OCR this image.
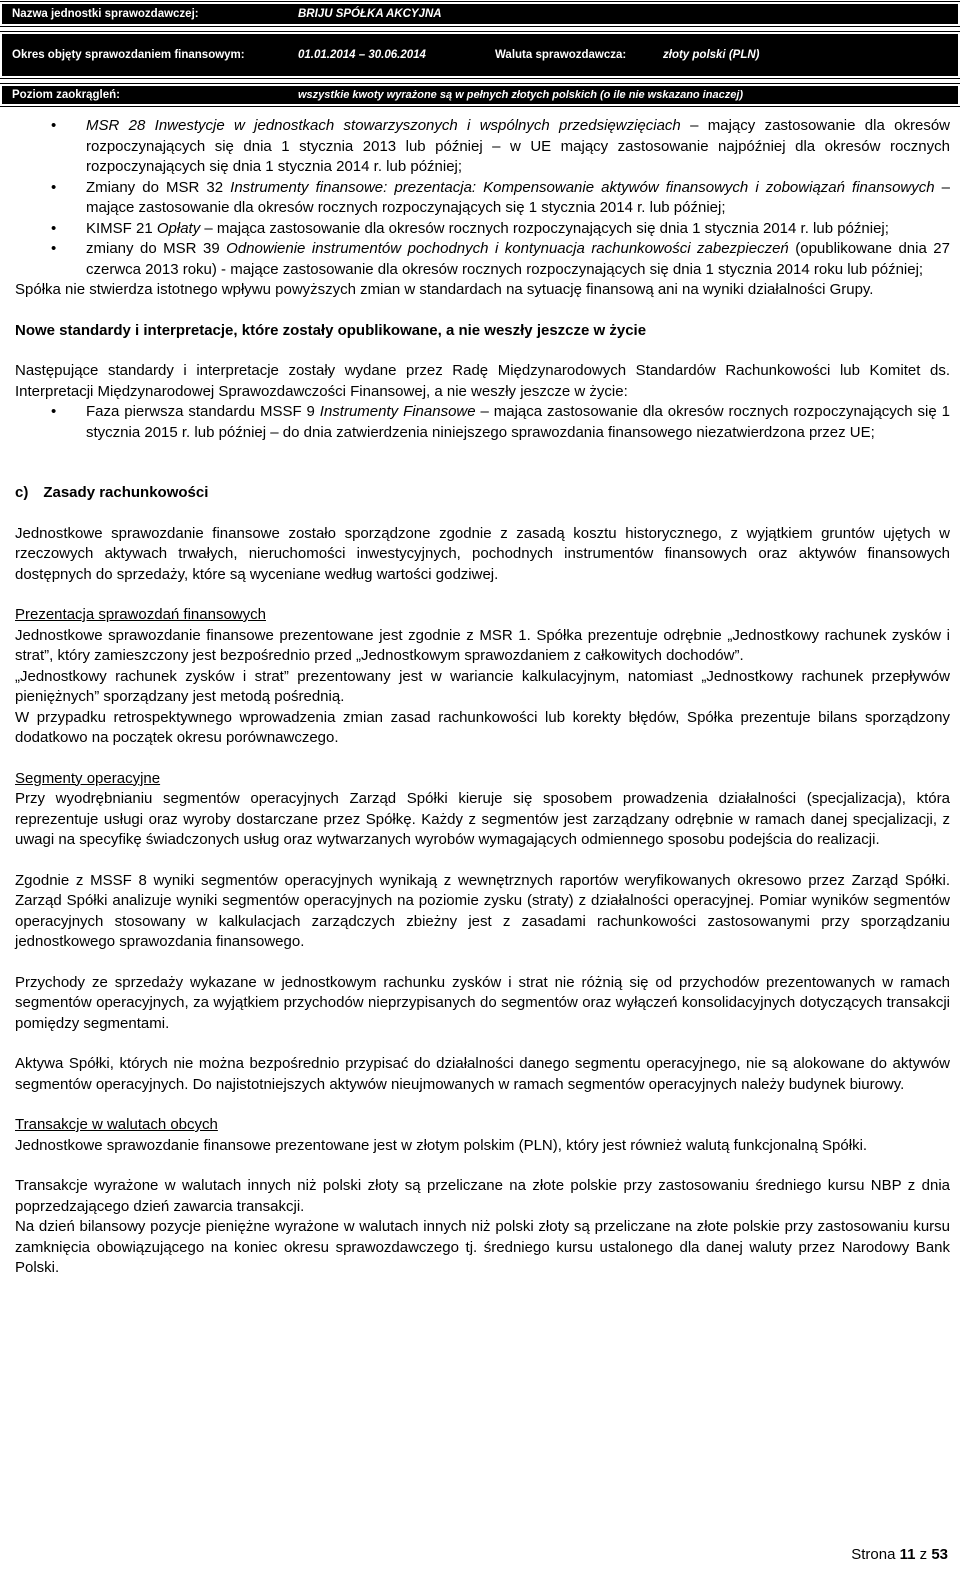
Nazwa jednostki sprawozdawczej:	BRIJU SPÓŁKA AKCYJNA
Okres objęty sprawozdaniem finansowym:	01.01.2014 – 30.06.2014	Waluta sprawozdawcza:	złoty polski (PLN)
Poziom zaokrągleń:	wszystkie kwoty wyrażone są w pełnych złotych polskich (o ile nie wskazano inaczej)
• MSR 28 Inwestycje w jednostkach stowarzyszonych i wspólnych przedsięwzięciach – mający zastosowanie dla okresów rozpoczynających się dnia 1 stycznia 2013 lub później – w UE mający zastosowanie najpóźniej dla okresów rocznych rozpoczynających się dnia 1 stycznia 2014 r. lub później;
• Zmiany do MSR 32 Instrumenty finansowe: prezentacja: Kompensowanie aktywów finansowych i zobowiązań finansowych – mające zastosowanie dla okresów rocznych rozpoczynających się 1 stycznia 2014 r. lub później;
• KIMSF 21 Opłaty – mająca zastosowanie dla okresów rocznych rozpoczynających się dnia 1 stycznia 2014 r. lub później;
• zmiany do MSR 39 Odnowienie instrumentów pochodnych i kontynuacja rachunkowości zabezpieczeń (opublikowane dnia 27 czerwca 2013 roku) - mające zastosowanie dla okresów rocznych rozpoczynających się dnia 1 stycznia 2014 roku lub później;

Spółka nie stwierdza istotnego wpływu powyższych zmian w standardach na sytuację finansową ani na wyniki działalności Grupy.

Nowe standardy i interpretacje, które zostały opublikowane, a nie weszły jeszcze w życie

Następujące standardy i interpretacje zostały wydane przez Radę Międzynarodowych Standardów Rachunkowości lub Komitet ds. Interpretacji Międzynarodowej Sprawozdawczości Finansowej, a nie weszły jeszcze w życie:

• Faza pierwsza standardu MSSF 9 Instrumenty Finansowe – mająca zastosowanie dla okresów rocznych rozpoczynających się 1 stycznia 2015 r. lub później – do dnia zatwierdzenia niniejszego sprawozdania finansowego niezatwierdzona przez UE;

c) Zasady rachunkowości

Jednostkowe sprawozdanie finansowe zostało sporządzone zgodnie z zasadą kosztu historycznego, z wyjątkiem gruntów ujętych w rzeczowych aktywach trwałych, nieruchomości inwestycyjnych, pochodnych instrumentów finansowych oraz aktywów finansowych dostępnych do sprzedaży, które są wyceniane według wartości godziwej.

Prezentacja sprawozdań finansowych

Jednostkowe sprawozdanie finansowe prezentowane jest zgodnie z MSR 1. Spółka prezentuje odrębnie „Jednostkowy rachunek zysków i strat”, który zamieszczony jest bezpośrednio przed „Jednostkowym sprawozdaniem z całkowitych dochodów”.

„Jednostkowy rachunek zysków i strat” prezentowany jest w wariancie kalkulacyjnym, natomiast „Jednostkowy rachunek przepływów pieniężnych” sporządzany jest metodą pośrednią.

W przypadku retrospektywnego wprowadzenia zmian zasad rachunkowości lub korekty błędów, Spółka prezentuje bilans sporządzony dodatkowo na początek okresu porównawczego.

Segmenty operacyjne

Przy wyodrębnianiu segmentów operacyjnych Zarząd Spółki kieruje się sposobem prowadzenia działalności (specjalizacja), która reprezentuje usługi oraz wyroby dostarczane przez Spółkę. Każdy z segmentów jest zarządzany odrębnie w ramach danej specjalizacji, z uwagi na specyfikę świadczonych usług oraz wytwarzanych wyrobów wymagających odmiennego sposobu podejścia do realizacji.

Zgodnie z MSSF 8 wyniki segmentów operacyjnych wynikają z wewnętrznych raportów weryfikowanych okresowo przez Zarząd Spółki. Zarząd Spółki analizuje wyniki segmentów operacyjnych na poziomie zysku (straty) z działalności operacyjnej. Pomiar wyników segmentów operacyjnych stosowany w kalkulacjach zarządczych zbieżny jest z zasadami rachunkowości zastosowanymi przy sporządzaniu jednostkowego sprawozdania finansowego.

Przychody ze sprzedaży wykazane w jednostkowym rachunku zysków i strat nie różnią się od przychodów prezentowanych w ramach segmentów operacyjnych, za wyjątkiem przychodów nieprzypisanych do segmentów oraz wyłączeń konsolidacyjnych dotyczących transakcji pomiędzy segmentami.

Aktywa Spółki, których nie można bezpośrednio przypisać do działalności danego segmentu operacyjnego, nie są alokowane do aktywów segmentów operacyjnych. Do najistotniejszych aktywów nieujmowanych w ramach segmentów operacyjnych należy budynek biurowy.

Transakcje w walutach obcych

Jednostkowe sprawozdanie finansowe prezentowane jest w złotym polskim (PLN), który jest również walutą funkcjonalną Spółki.

Transakcje wyrażone w walutach innych niż polski złoty są przeliczane na złote polskie przy zastosowaniu średniego kursu NBP z dnia poprzedzającego dzień zawarcia transakcji.

Na dzień bilansowy pozycje pieniężne wyrażone w walutach innych niż polski złoty są przeliczane na złote polskie przy zastosowaniu kursu zamknięcia obowiązującego na koniec okresu sprawozdawczego tj. średniego kursu ustalonego dla danej waluty przez Narodowy Bank Polski.

Strona 11 z 53
